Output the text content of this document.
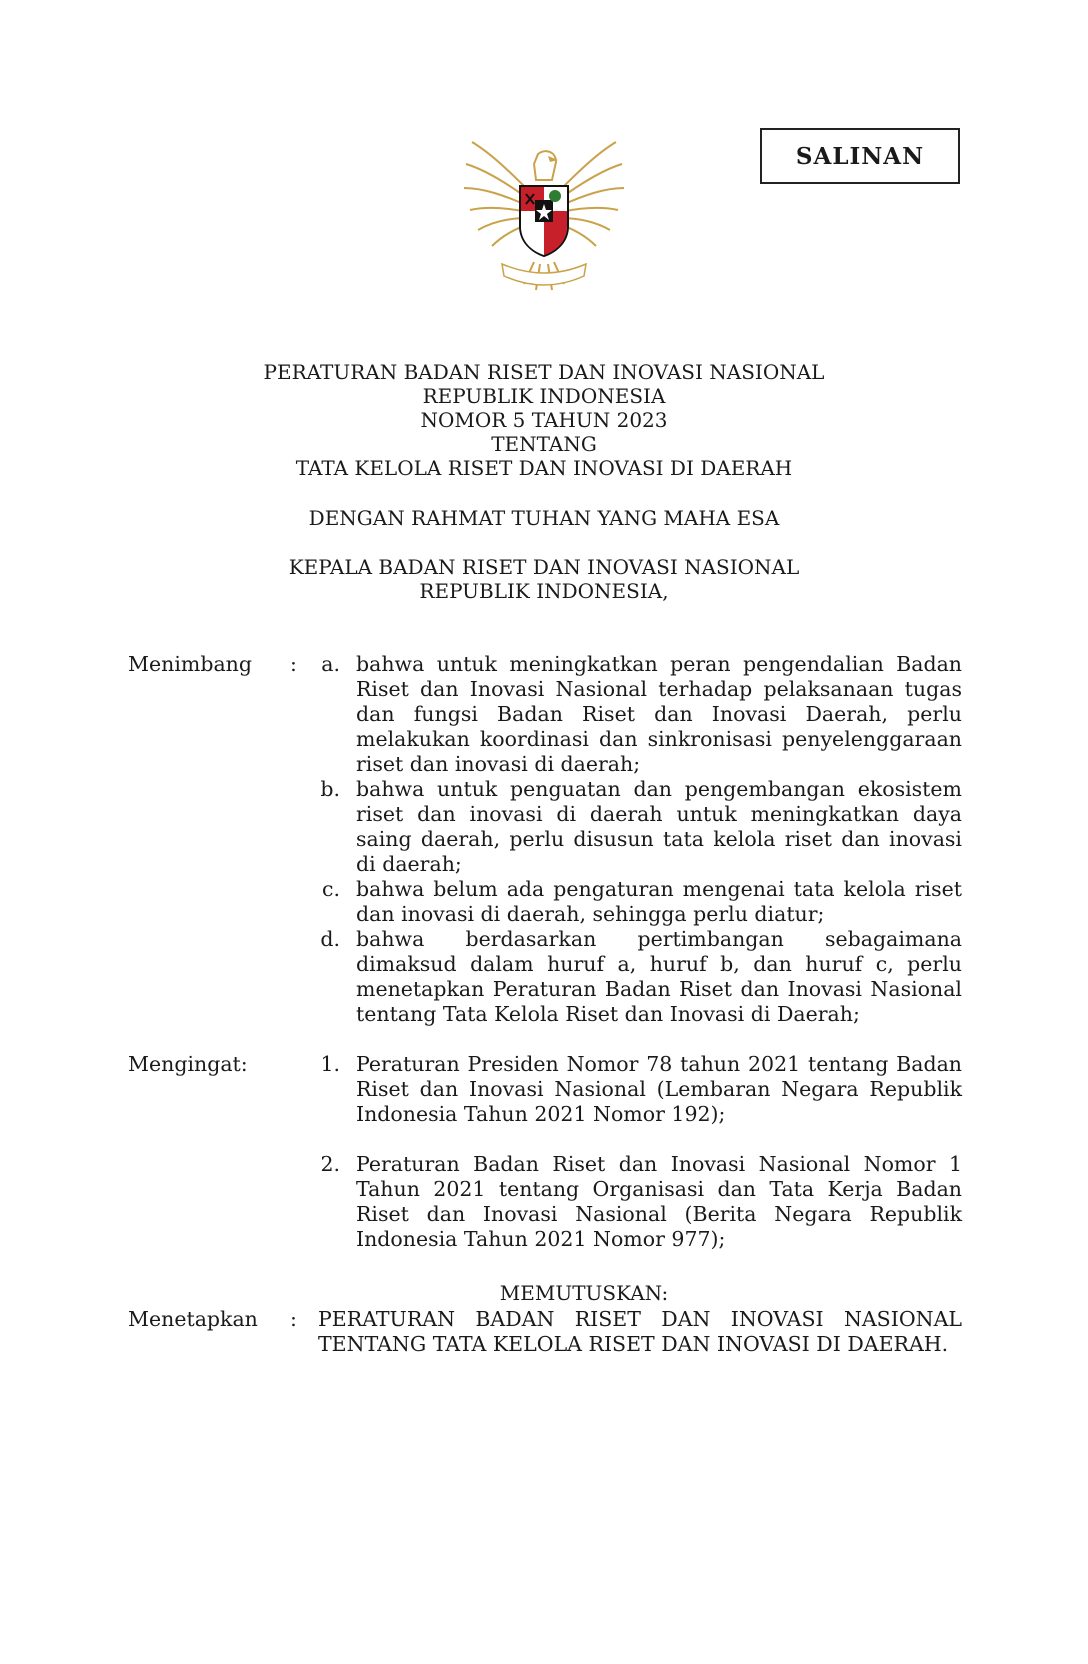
SALINAN
PERATURAN BADAN RISET DAN INOVASI NASIONAL
REPUBLIK INDONESIA
NOMOR 5 TAHUN 2023
TENTANG
TATA KELOLA RISET DAN INOVASI DI DAERAH
DENGAN RAHMAT TUHAN YANG MAHA ESA
KEPALA BADAN RISET DAN INOVASI NASIONAL
REPUBLIK INDONESIA,
Menimbang :	a. bahwa untuk meningkatkan peran pengendalian Badan Riset dan Inovasi Nasional terhadap pelaksanaan tugas dan fungsi Badan Riset dan Inovasi Daerah, perlu melakukan koordinasi dan sinkronisasi penyelenggaraan riset dan inovasi di daerah;
b. bahwa untuk penguatan dan pengembangan ekosistem riset dan inovasi di daerah untuk meningkatkan daya saing daerah, perlu disusun tata kelola riset dan inovasi di daerah;
c. bahwa belum ada pengaturan mengenai tata kelola riset dan inovasi di daerah, sehingga perlu diatur;
d. bahwa berdasarkan pertimbangan sebagaimana dimaksud dalam huruf a, huruf b, dan huruf c, perlu menetapkan Peraturan Badan Riset dan Inovasi Nasional tentang Tata Kelola Riset dan Inovasi di Daerah;
Mengingat:	1. Peraturan Presiden Nomor 78 tahun 2021 tentang Badan Riset dan Inovasi Nasional (Lembaran Negara Republik Indonesia Tahun 2021 Nomor 192);
2. Peraturan Badan Riset dan Inovasi Nasional Nomor 1 Tahun 2021 tentang Organisasi dan Tata Kerja Badan Riset dan Inovasi Nasional (Berita Negara Republik Indonesia Tahun 2021 Nomor 977);
MEMUTUSKAN:
Menetapkan : PERATURAN BADAN RISET DAN INOVASI NASIONAL TENTANG TATA KELOLA RISET DAN INOVASI DI DAERAH.
